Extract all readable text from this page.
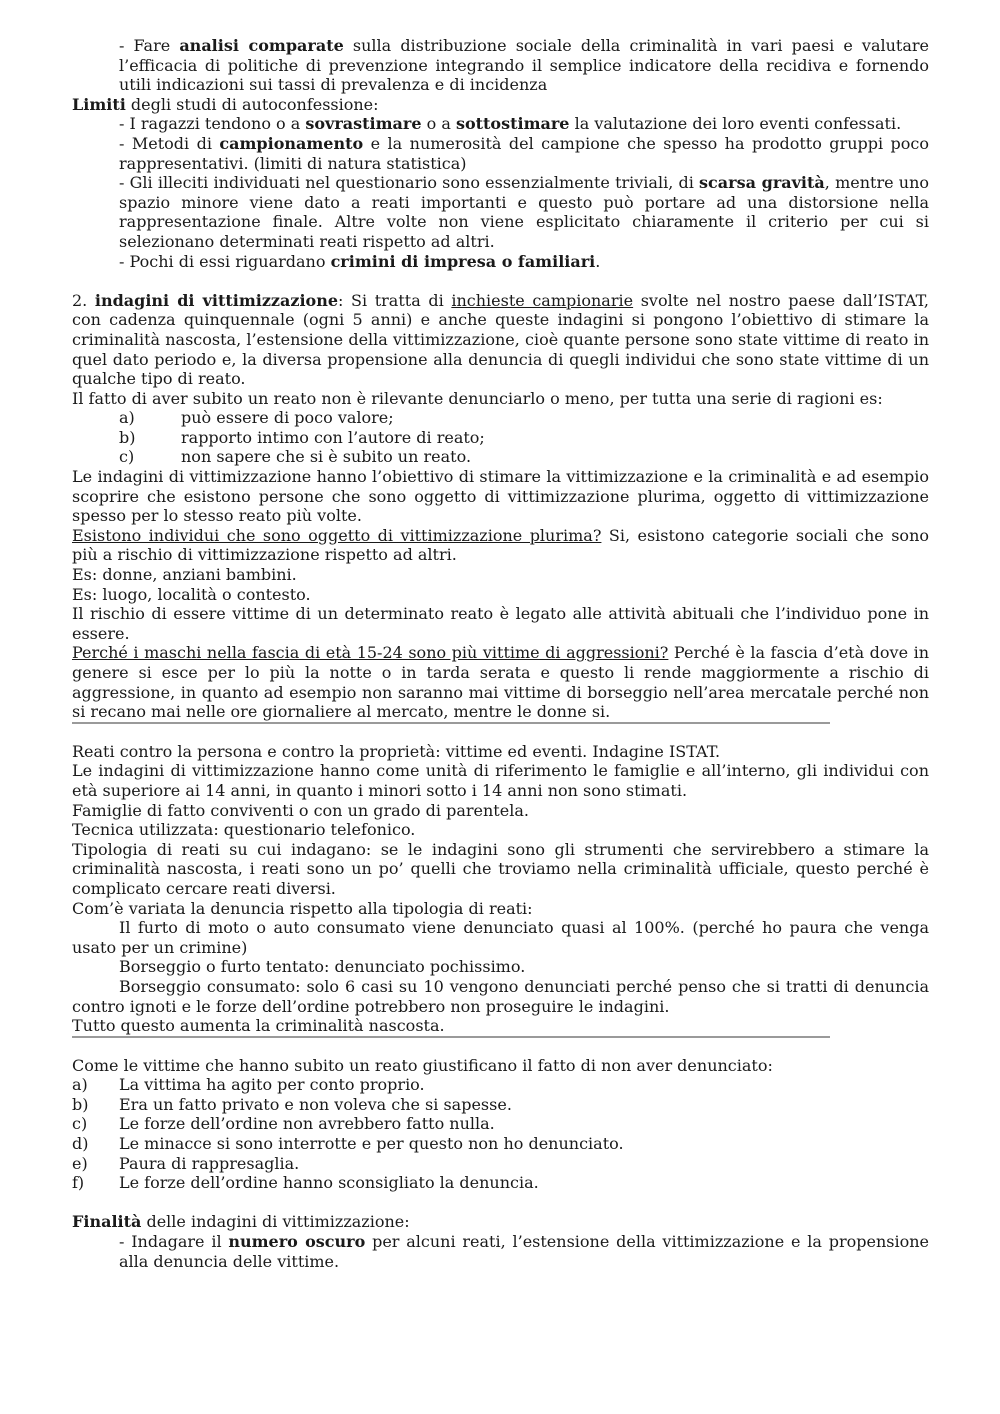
- Fare analisi comparate sulla distribuzione sociale della criminalità in vari paesi e valutare l’efficacia di politiche di prevenzione integrando il semplice indicatore della recidiva e fornendo utili indicazioni sui tassi di prevalenza e di incidenza

Limiti degli studi di autoconfessione:

- I ragazzi tendono o a sovrastimare o a sottostimare la valutazione dei loro eventi confessati.

- Metodi di campionamento e la numerosità del campione che spesso ha prodotto gruppi poco rappresentativi. (limiti di natura statistica)

- Gli illeciti individuati nel questionario sono essenzialmente triviali, di scarsa gravità, mentre uno spazio minore viene dato a reati importanti e questo può portare ad una distorsione nella rappresentazione finale. Altre volte non viene esplicitato chiaramente il criterio per cui si selezionano determinati reati rispetto ad altri.

- Pochi di essi riguardano crimini di impresa o familiari.

2. indagini di vittimizzazione: Si tratta di inchieste campionarie svolte nel nostro paese dall’ISTAT, con cadenza quinquennale (ogni 5 anni) e anche queste indagini si pongono l’obiettivo di stimare la criminalità nascosta, l’estensione della vittimizzazione, cioè quante persone sono state vittime di reato in quel dato periodo e, la diversa propensione alla denuncia di quegli individui che sono state vittime di un qualche tipo di reato.

Il fatto di aver subito un reato non è rilevante denunciarlo o meno, per tutta una serie di ragioni es:

a)	può essere di poco valore;
b)	rapporto intimo con l’autore di reato;
c)	non sapere che si è subito un reato.

Le indagini di vittimizzazione hanno l’obiettivo di stimare la vittimizzazione e la criminalità e ad esempio scoprire che esistono persone che sono oggetto di vittimizzazione plurima, oggetto di vittimizzazione spesso per lo stesso reato più volte.

Esistono individui che sono oggetto di vittimizzazione plurima? Si, esistono categorie sociali che sono più a rischio di vittimizzazione rispetto ad altri.

Es: donne, anziani bambini.

Es: luogo, località o contesto.

Il rischio di essere vittime di un determinato reato è legato alle attività abituali che l’individuo pone in essere.

Perché i maschi nella fascia di età 15-24 sono più vittime di aggressioni? Perché è la fascia d’età dove in genere si esce per lo più la notte o in tarda serata e questo li rende maggiormente a rischio di aggressione, in quanto ad esempio non saranno mai vittime di borseggio nell’area mercatale perché non si recano mai nelle ore giornaliere al mercato, mentre le donne si.

Reati contro la persona e contro la proprietà: vittime ed eventi. Indagine ISTAT.

Le indagini di vittimizzazione hanno come unità di riferimento le famiglie e all’interno, gli individui con età superiore ai 14 anni, in quanto i minori sotto i 14 anni non sono stimati.

Famiglie di fatto conviventi o con un grado di parentela.

Tecnica utilizzata: questionario telefonico.

Tipologia di reati su cui indagano: se le indagini sono gli strumenti che servirebbero a stimare la criminalità nascosta, i reati sono un po’ quelli che troviamo nella criminalità ufficiale, questo perché è complicato cercare reati diversi.

Com’è variata la denuncia rispetto alla tipologia di reati:

Il furto di moto o auto consumato viene denunciato quasi al 100%. (perché ho paura che venga usato per un crimine)

Borseggio o furto tentato: denunciato pochissimo.

Borseggio consumato: solo 6 casi su 10 vengono denunciati perché penso che si tratti di denuncia contro ignoti e le forze dell’ordine potrebbero non proseguire le indagini.

Tutto questo aumenta la criminalità nascosta.

Come le vittime che hanno subito un reato giustificano il fatto di non aver denunciato:

a)	La vittima ha agito per conto proprio.
b)	Era un fatto privato e non voleva che si sapesse.
c)	Le forze dell’ordine non avrebbero fatto nulla.
d)	Le minacce si sono interrotte e per questo non ho denunciato.
e)	Paura di rappresaglia.
f)	Le forze dell’ordine hanno sconsigliato la denuncia.

Finalità delle indagini di vittimizzazione:

- Indagare il numero oscuro per alcuni reati, l’estensione della vittimizzazione e la propensione alla denuncia delle vittime.
